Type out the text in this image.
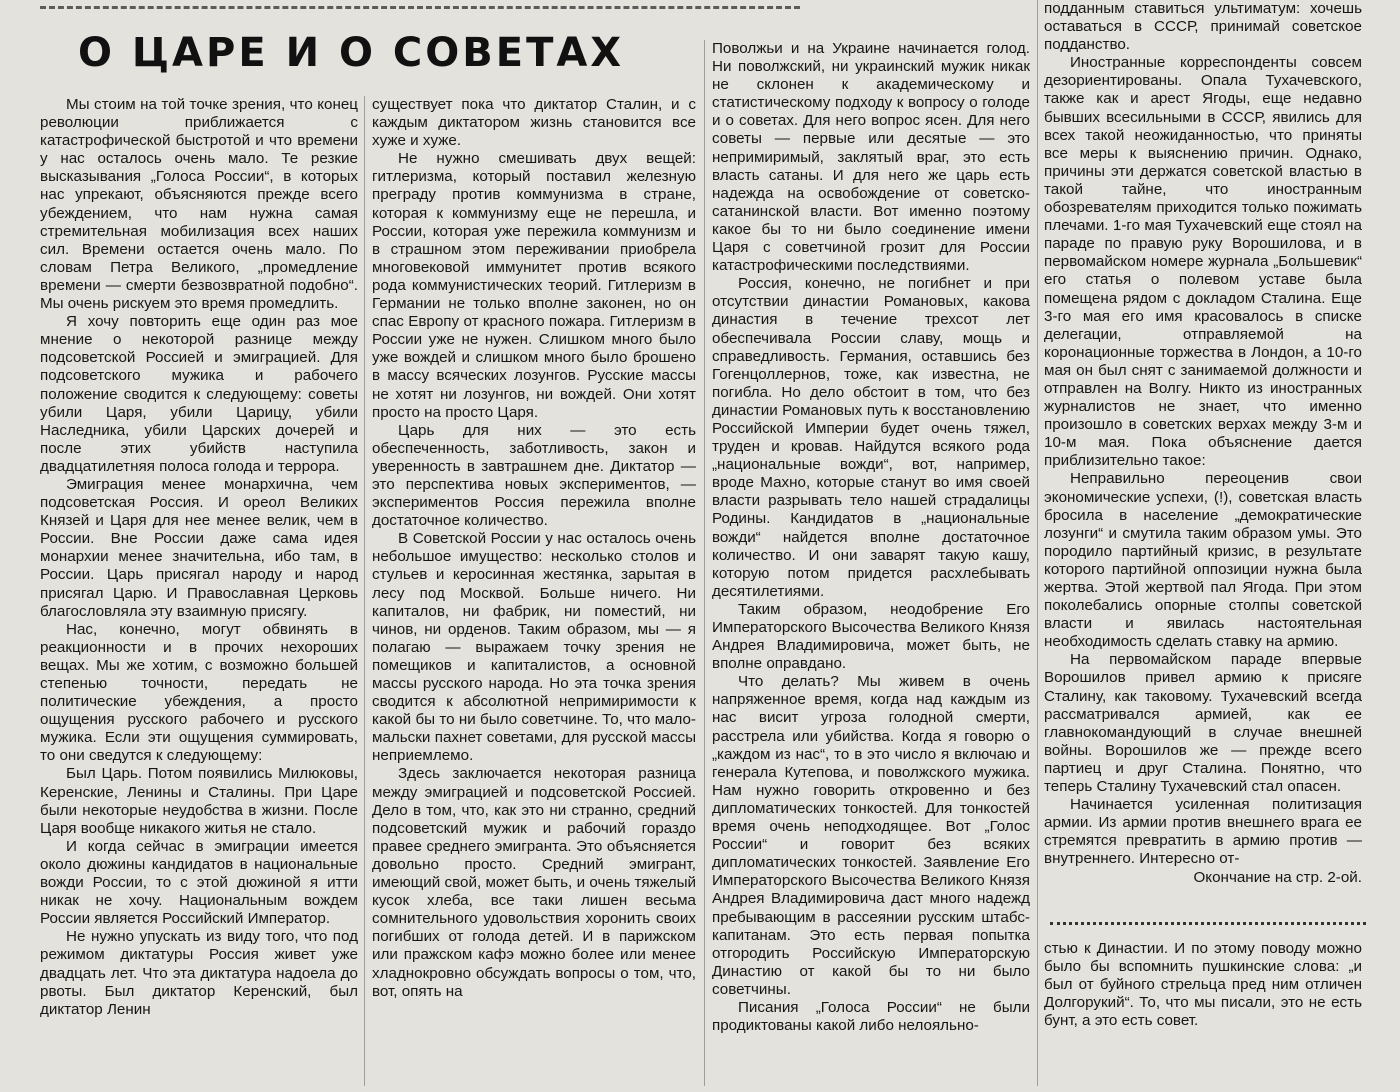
О ЦАРЕ И О СОВЕТАХ

Мы стоим на той точке зрения, что конец революции приближается с катастрофической быстротой и что времени у нас осталось очень мало. Те резкие высказывания „Голоса России“, в которых нас упрекают, объясняются прежде всего убеждением, что нам нужна самая стремительная мобилизация всех наших сил. Времени остается очень мало. По словам Петра Великого, „промедление времени — смерти безвозвратной подобно“. Мы очень рискуем это время промедлить.

Я хочу повторить еще один раз мое мнение о некоторой разнице между подсоветской Россией и эмиграцией. Для подсоветского мужика и рабочего положение сводится к следующему: советы убили Царя, убили Царицу, убили Наследника, убили Царских дочерей и после этих убийств наступила двадцатилетняя полоса голода и террора.

Эмиграция менее монархична, чем подсоветская Россия. И ореол Великих Князей и Царя для нее менее велик, чем в России. Вне России даже сама идея монархии менее значительна, ибо там, в России. Царь присягал народу и народ присягал Царю. И Православная Церковь благословляла эту взаимную присягу.

Нас, конечно, могут обвинять в реакционности и в прочих нехороших вещах. Мы же хотим, с возможно большей степенью точности, передать не политические убеждения, а просто ощущения русского рабочего и русского мужика. Если эти ощущения суммировать, то они сведутся к следующему:

Был Царь. Потом появились Милюковы, Керенские, Ленины и Сталины. При Царе были некоторые неудобства в жизни. После Царя вообще никакого житья не стало.

И когда сейчас в эмиграции имеется около дюжины кандидатов в национальные вожди России, то с этой дюжиной я итти никак не хочу. Национальным вождем России является Российский Император.

Не нужно упускать из виду того, что под режимом диктатуры Россия живет уже двадцать лет. Что эта диктатура надоела до рвоты. Был диктатор Керенский, был диктатор Ленин

существует пока что диктатор Сталин, и с каждым диктатором жизнь становится все хуже и хуже.

Не нужно смешивать двух вещей: гитлеризма, который поставил железную преграду против коммунизма в стране, которая к коммунизму еще не перешла, и России, которая уже пережила коммунизм и в страшном этом переживании приобрела многовековой иммунитет против всякого рода коммунистических теорий. Гитлеризм в Германии не только вполне законен, но он спас Европу от красного пожара. Гитлеризм в России уже не нужен. Слишком много было уже вождей и слишком много было брошено в массу всяческих лозунгов. Русские массы не хотят ни лозунгов, ни вождей. Они хотят просто на просто Царя.

Царь для них — это есть обеспеченность, заботливость, закон и уверенность в завтрашнем дне. Диктатор — это перспектива новых экспериментов, — экспериментов Россия пережила вполне достаточное количество.

В Советской России у нас осталось очень небольшое имущество: несколько столов и стульев и керосинная жестянка, зарытая в лесу под Москвой. Больше ничего. Ни капиталов, ни фабрик, ни поместий, ни чинов, ни орденов. Таким образом, мы — я полагаю — выражаем точку зрения не помещиков и капиталистов, а основной массы русского народа. Но эта точка зрения сводится к абсолютной непримиримости к какой бы то ни было советчине. То, что мало-мальски пахнет советами, для русской массы неприемлемо.

Здесь заключается некоторая разница между эмиграцией и подсоветской Россией. Дело в том, что, как это ни странно, средний подсоветский мужик и рабочий гораздо правее среднего эмигранта. Это объясняется довольно просто. Средний эмигрант, имеющий свой, может быть, и очень тяжелый кусок хлеба, все таки лишен весьма сомнительного удовольствия хоронить своих погибших от голода детей. И в парижском или пражском кафэ можно более или менее хладнокровно обсуждать вопросы о том, что, вот, опять на

Поволжьи и на Украине начинается голод. Ни поволжский, ни украинский мужик никак не склонен к академическому и статистическому подходу к вопросу о голоде и о советах. Для него вопрос ясен. Для него советы — первые или десятые — это непримиримый, заклятый враг, это есть власть сатаны. И для него же царь есть надежда на освобождение от советско-сатанинской власти. Вот именно поэтому какое бы то ни было соединение имени Царя с советчиной грозит для России катастрофическими последствиями.

Россия, конечно, не погибнет и при отсутствии династии Романовых, какова династия в течение трехсот лет обеспечивала России славу, мощь и справедливость. Германия, оставшись без Гогенцоллернов, тоже, как известна, не погибла. Но дело обстоит в том, что без династии Романовых путь к восстановлению Российской Империи будет очень тяжел, труден и кровав. Найдутся всякого рода „национальные вожди“, вот, например, вроде Махно, которые станут во имя своей власти разрывать тело нашей страдалицы Родины. Кандидатов в „национальные вожди“ найдется вполне достаточное количество. И они заварят такую кашу, которую потом придется расхлебывать десятилетиями.

Таким образом, неодобрение Его Императорского Высочества Великого Князя Андрея Владимировича, может быть, не вполне оправдано.

Что делать? Мы живем в очень напряженное время, когда над каждым из нас висит угроза голодной смерти, расстрела или убийства. Когда я говорю о „каждом из нас“, то в это число я включаю и генерала Кутепова, и поволжского мужика. Нам нужно говорить откровенно и без дипломатических тонкостей. Для тонкостей время очень неподходящее. Вот „Голос России“ и говорит без всяких дипломатических тонкостей. Заявление Его Императорского Высочества Великого Князя Андрея Владимировича даст много надежд пребывающим в рассеянии русским штабс-капитанам. Это есть первая попытка отгородить Российскую Императорскую Династию от какой бы то ни было советчины.

Писания „Голоса России“ не были продиктованы какой либо нелояльно-

подданным ставиться ультиматум: хочешь оставаться в СССР, принимай советское подданство.

Иностранные корреспонденты совсем дезориентированы. Опала Тухачевского, также как и арест Ягоды, еще недавно бывших всесильными в СССР, явились для всех такой неожиданностью, что приняты все меры к выяснению причин. Однако, причины эти держатся советской властью в такой тайне, что иностранным обозревателям приходится только пожимать плечами. 1-го мая Тухачевский еще стоял на параде по правую руку Ворошилова, и в первомайском номере журнала „Большевик“ его статья о полевом уставе была помещена рядом с докладом Сталина. Еще 3-го мая его имя красовалось в списке делегации, отправляемой на коронационные торжества в Лондон, а 10-го мая он был снят с занимаемой должности и отправлен на Волгу. Никто из иностранных журналистов не знает, что именно произошло в советских верхах между 3-м и 10-м мая. Пока объяснение дается приблизительно такое:

Неправильно переоценив свои экономические успехи, (!), советская власть бросила в население „демократические лозунги“ и смутила таким образом умы. Это породило партийный кризис, в результате которого партийной оппозиции нужна была жертва. Этой жертвой пал Ягода. При этом поколебались опорные столпы советской власти и явилась настоятельная необходимость сделать ставку на армию.

На первомайском параде впервые Ворошилов привел армию к присяге Сталину, как таковому. Тухачевский всегда рассматривался армией, как ее главнокомандующий в случае внешней войны. Ворошилов же — прежде всего партиец и друг Сталина. Понятно, что теперь Сталину Тухачевский стал опасен.

Начинается усиленная политизация армии. Из армии против внешнего врага ее стремятся превратить в армию против — внутреннего. Интересно от-

Окончание на стр. 2-ой.

стью к Династии. И по этому поводу можно было бы вспомнить пушкинские слова: „и был от буйного стрельца пред ним отличен Долгорукий“. То, что мы писали, это не есть бунт, а это есть совет.
